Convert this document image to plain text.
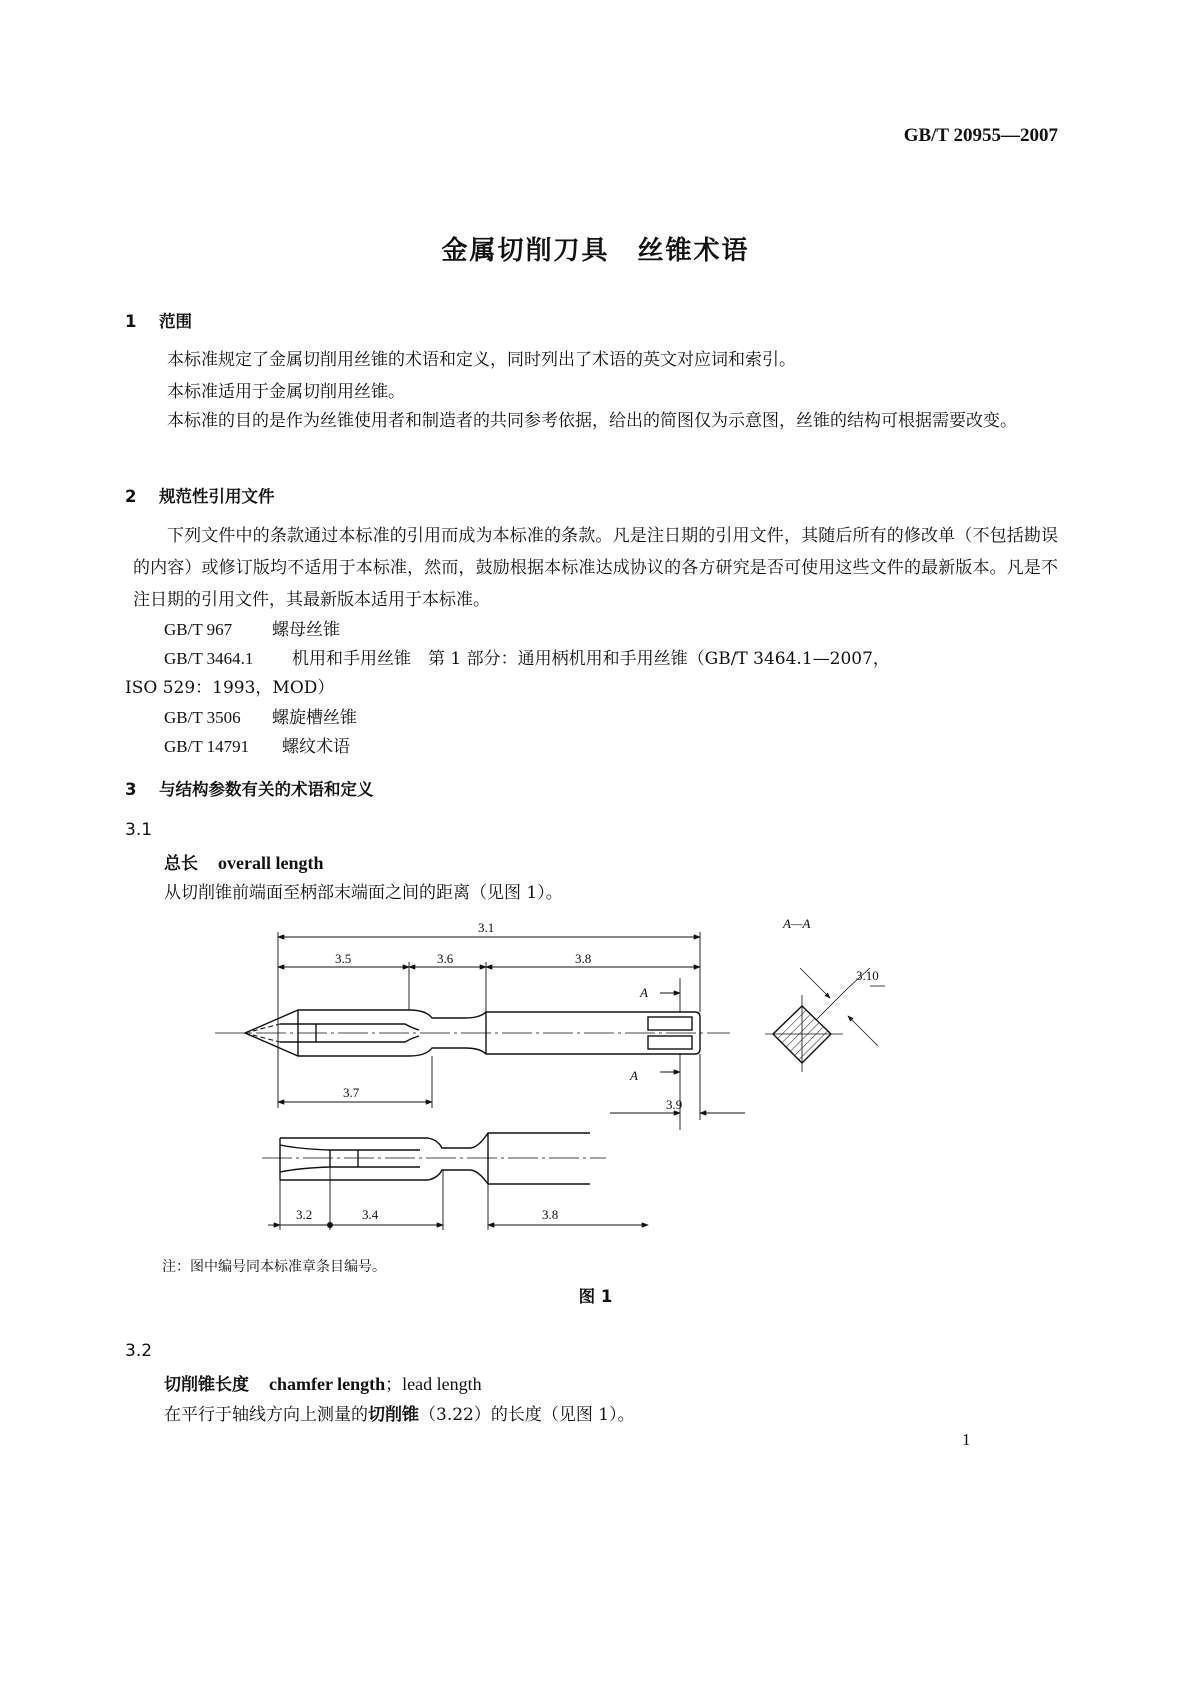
GB/T 20955—2007
金属切削刀具　丝锥术语
1 范围
本标准规定了金属切削用丝锥的术语和定义，同时列出了术语的英文对应词和索引。
本标准适用于金属切削用丝锥。
本标准的目的是作为丝锥使用者和制造者的共同参考依据，给出的简图仅为示意图，丝锥的结构可根据需要改变。
2 规范性引用文件
下列文件中的条款通过本标准的引用而成为本标准的条款。凡是注日期的引用文件，其随后所有的修改单（不包括勘误的内容）或修订版均不适用于本标准，然而，鼓励根据本标准达成协议的各方研究是否可使用这些文件的最新版本。凡是不注日期的引用文件，其最新版本适用于本标准。
GB/T 967 螺母丝锥
GB/T 3464.1 机用和手用丝锥　第 1 部分：通用柄机用和手用丝锥（GB/T 3464.1—2007，
ISO 529：1993，MOD）
GB/T 3506 螺旋槽丝锥
GB/T 14791 螺纹术语
3 与结构参数有关的术语和定义
3.1
总长 overall length
从切削锥前端面至柄部末端面之间的距离（见图 1）。
3.1
3.5	3.6	3.8
3.7
3.9
A
A
A—A
3.10
3.2	3.4	3.8
注：图中编号同本标准章条目编号。
图 1
3.2
切削锥长度 chamfer length；lead length
在平行于轴线方向上测量的切削锥（3.22）的长度（见图 1）。
1
